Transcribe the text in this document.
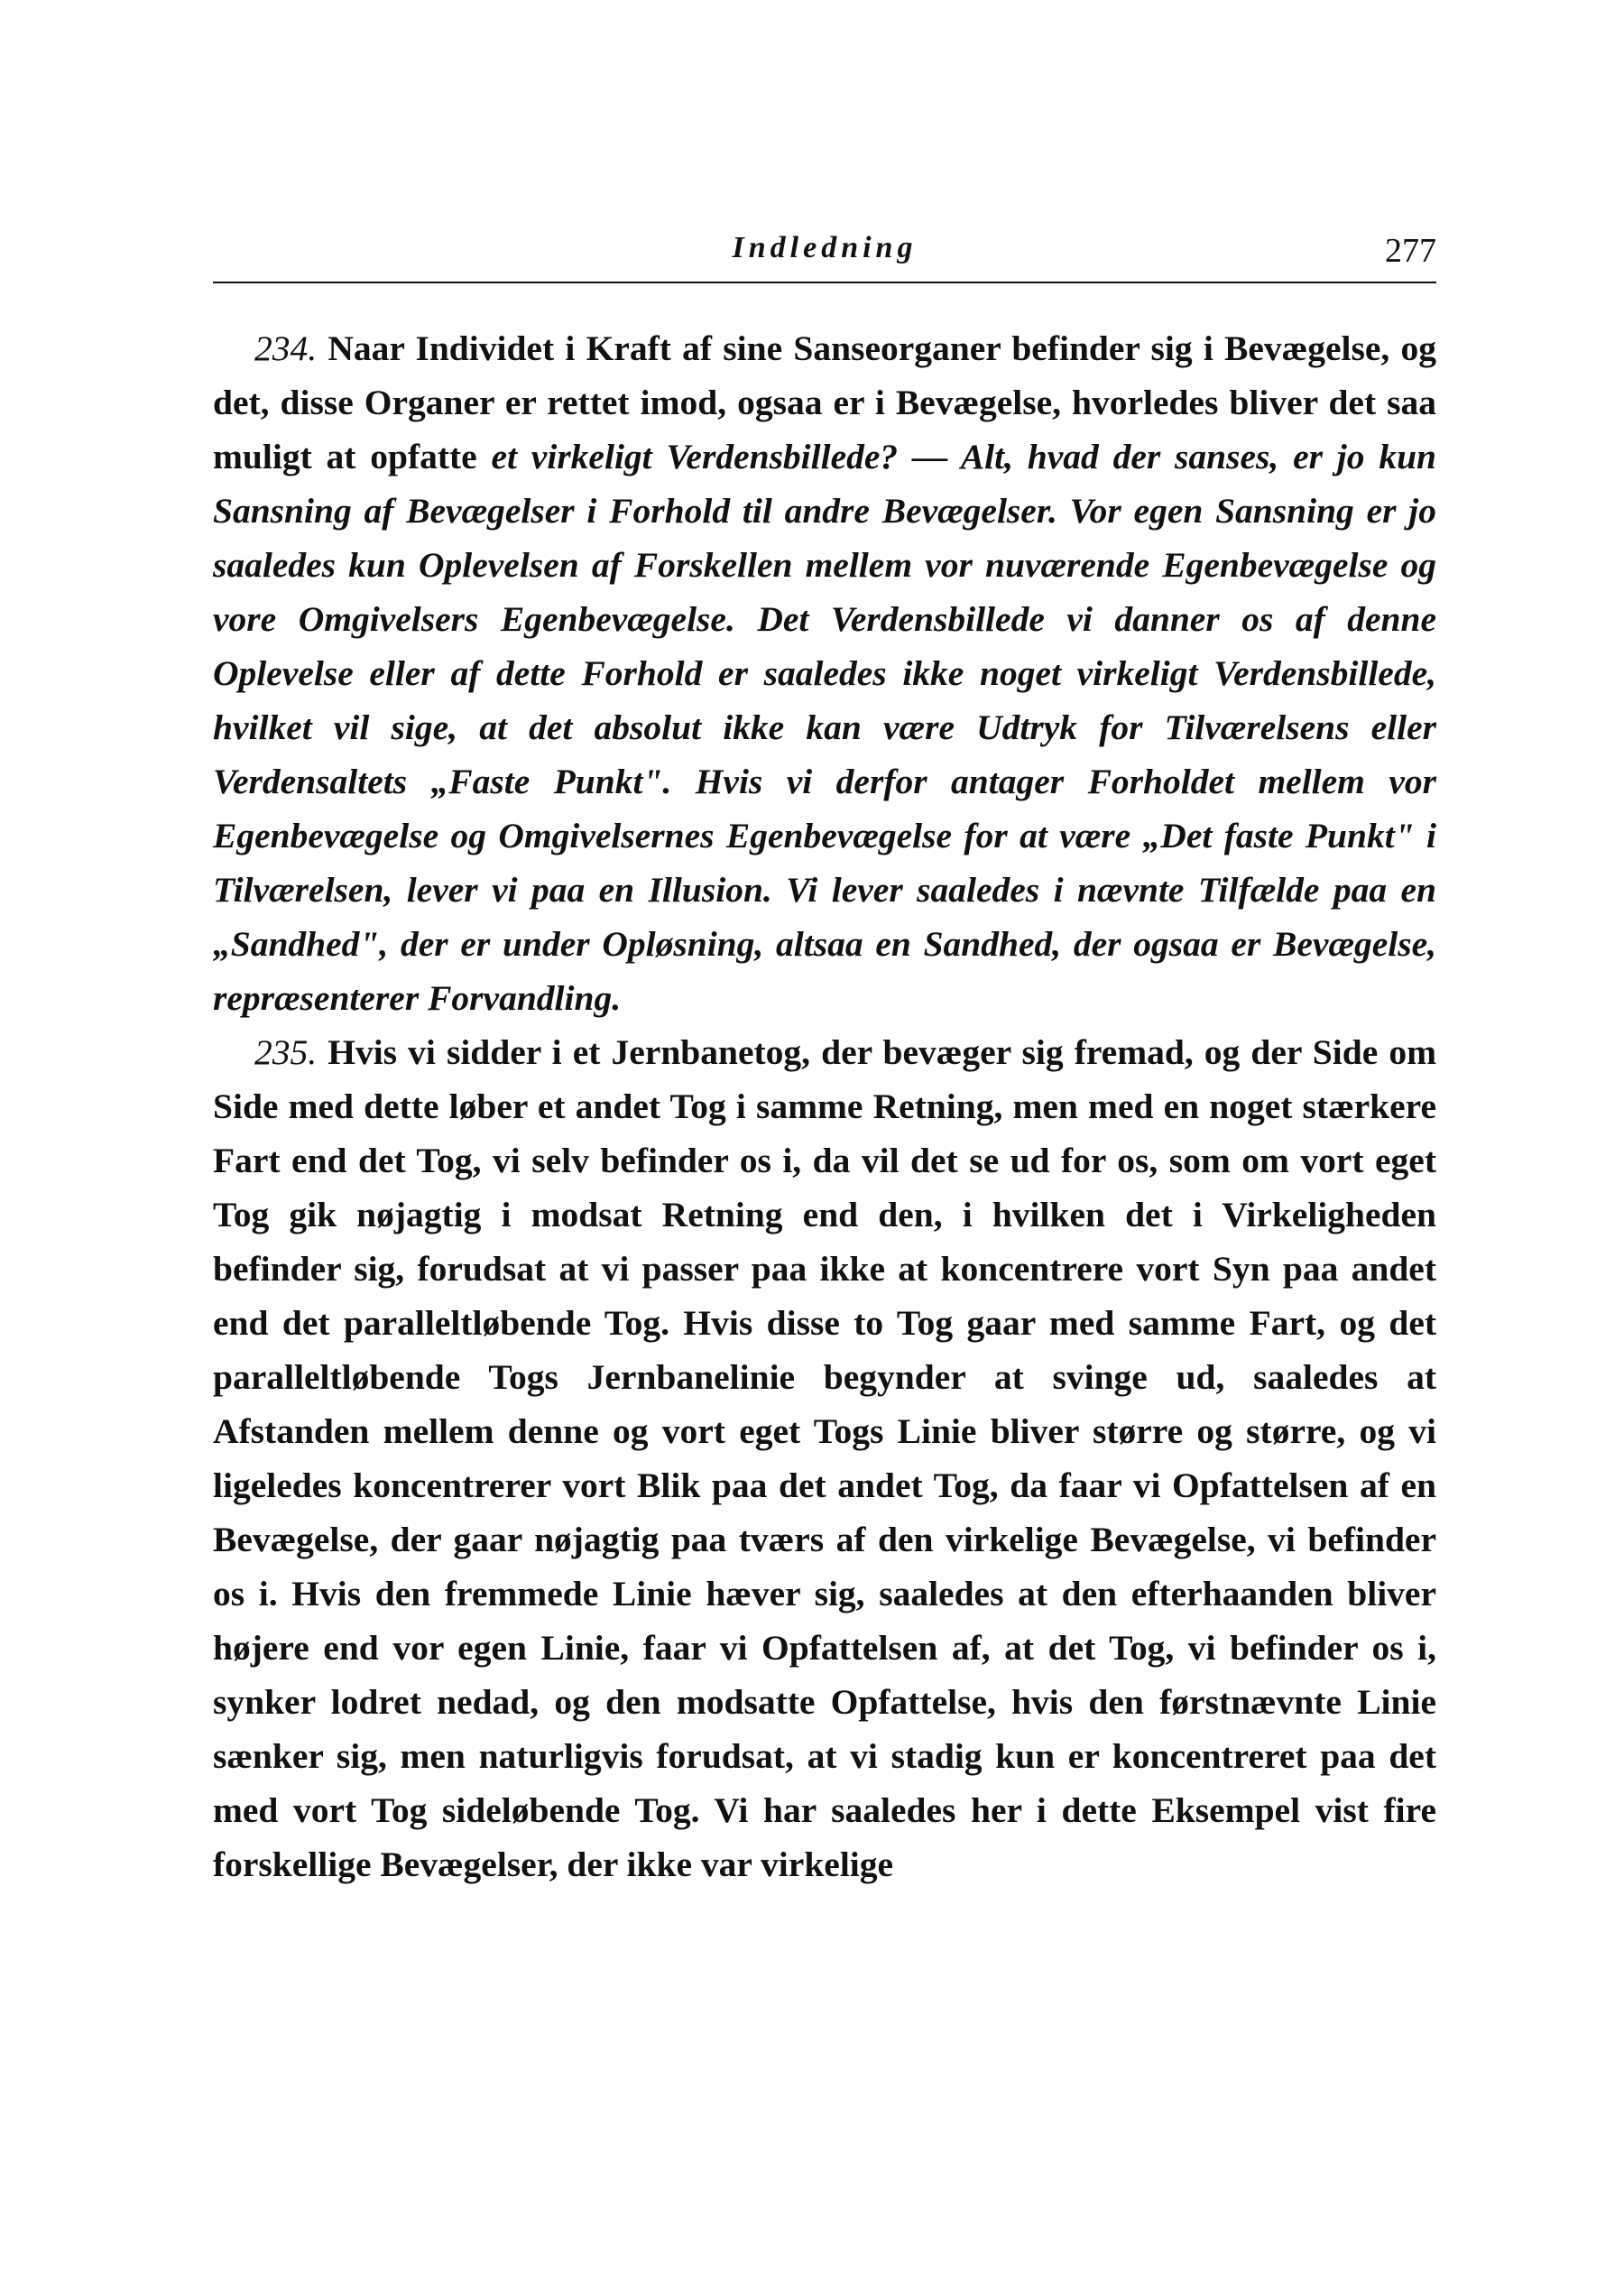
Indledning	277

234. Naar Individet i Kraft af sine Sanseorganer befinder sig i Bevægelse, og det, disse Organer er rettet imod, ogsaa er i Bevægelse, hvorledes bliver det saa muligt at opfatte et virkeligt Verdensbillede? — Alt, hvad der sanses, er jo kun Sansning af Bevægelser i Forhold til andre Bevægelser. Vor egen Sansning er jo saaledes kun Oplevelsen af Forskellen mellem vor nuværende Egenbevægelse og vore Omgivelsers Egenbevægelse. Det Verdensbillede vi danner os af denne Oplevelse eller af dette Forhold er saaledes ikke noget virkeligt Verdensbillede, hvilket vil sige, at det absolut ikke kan være Udtryk for Tilværelsens eller Verdensaltets „Faste Punkt". Hvis vi derfor antager Forholdet mellem vor Egenbevægelse og Omgivelsernes Egenbevægelse for at være „Det faste Punkt" i Tilværelsen, lever vi paa en Illusion. Vi lever saaledes i nævnte Tilfælde paa en „Sandhed", der er under Opløsning, altsaa en Sandhed, der ogsaa er Bevægelse, repræsenterer Forvandling.

235. Hvis vi sidder i et Jernbanetog, der bevæger sig fremad, og der Side om Side med dette løber et andet Tog i samme Retning, men med en noget stærkere Fart end det Tog, vi selv befinder os i, da vil det se ud for os, som om vort eget Tog gik nøjagtig i modsat Retning end den, i hvilken det i Virkeligheden befinder sig, forudsat at vi passer paa ikke at koncentrere vort Syn paa andet end det paralleltløbende Tog. Hvis disse to Tog gaar med samme Fart, og det paralleltløbende Togs Jernbanelinie begynder at svinge ud, saaledes at Afstanden mellem denne og vort eget Togs Linie bliver større og større, og vi ligeledes koncentrerer vort Blik paa det andet Tog, da faar vi Opfattelsen af en Bevægelse, der gaar nøjagtig paa tværs af den virkelige Bevægelse, vi befinder os i. Hvis den fremmede Linie hæver sig, saaledes at den efterhaanden bliver højere end vor egen Linie, faar vi Opfattelsen af, at det Tog, vi befinder os i, synker lodret nedad, og den modsatte Opfattelse, hvis den førstnævnte Linie sænker sig, men naturligvis forudsat, at vi stadig kun er koncentreret paa det med vort Tog sideløbende Tog. Vi har saaledes her i dette Eksempel vist fire forskellige Bevægelser, der ikke var virkelige
